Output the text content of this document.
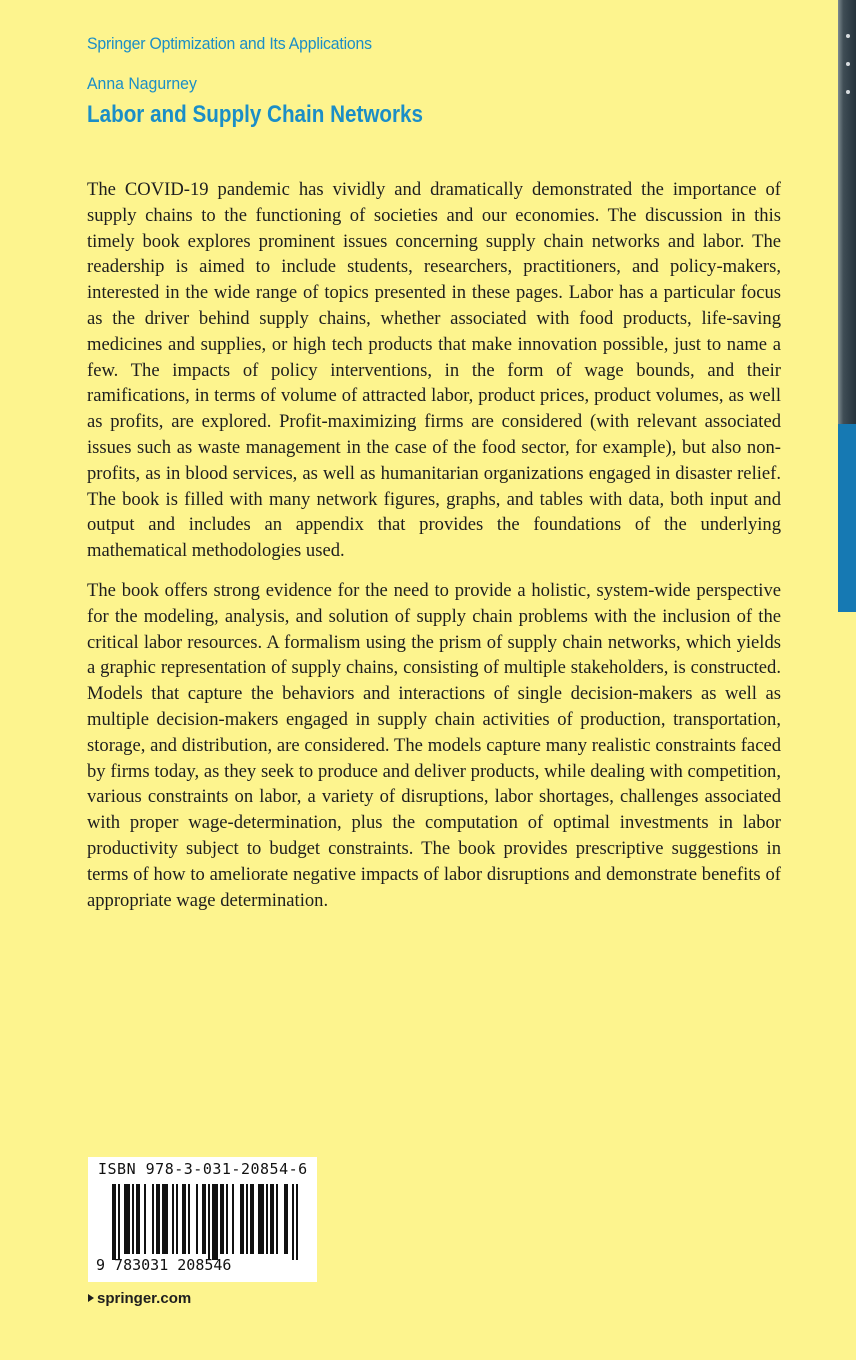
Springer Optimization and Its Applications
Anna Nagurney
Labor and Supply Chain Networks

The COVID-19 pandemic has vividly and dramatically demonstrated the importance of supply chains to the functioning of societies and our economies. The discussion in this timely book explores prominent issues concerning supply chain networks and labor. The readership is aimed to include students, researchers, practitioners, and policy-makers, interested in the wide range of topics presented in these pages. Labor has a particular focus as the driver behind supply chains, whether associated with food products, life-saving medicines and supplies, or high tech products that make innovation possible, just to name a few. The impacts of policy interventions, in the form of wage bounds, and their ramifications, in terms of volume of attracted labor, product prices, product volumes, as well as profits, are explored. Profit-maximizing firms are considered (with relevant associated issues such as waste management in the case of the food sector, for example), but also non-profits, as in blood services, as well as humanitarian organizations engaged in disaster relief. The book is filled with many network figures, graphs, and tables with data, both input and output and includes an appendix that provides the foundations of the underlying mathematical methodologies used.

The book offers strong evidence for the need to provide a holistic, system-wide perspective for the modeling, analysis, and solution of supply chain problems with the inclusion of the critical labor resources. A formalism using the prism of supply chain networks, which yields a graphic representation of supply chains, consisting of multiple stakeholders, is constructed. Models that capture the behaviors and interactions of single decision-makers as well as multiple decision-makers engaged in supply chain activities of production, transportation, storage, and distribution, are considered. The models capture many realistic constraints faced by firms today, as they seek to produce and deliver products, while dealing with competition, various constraints on labor, a variety of disruptions, labor shortages, challenges associated with proper wage-determination, plus the computation of optimal investments in labor productivity subject to budget constraints. The book provides prescriptive suggestions in terms of how to ameliorate negative impacts of labor disruptions and demonstrate benefits of appropriate wage determination.

ISBN 978-3-031-20854-6
9 783031 208546
springer.com
